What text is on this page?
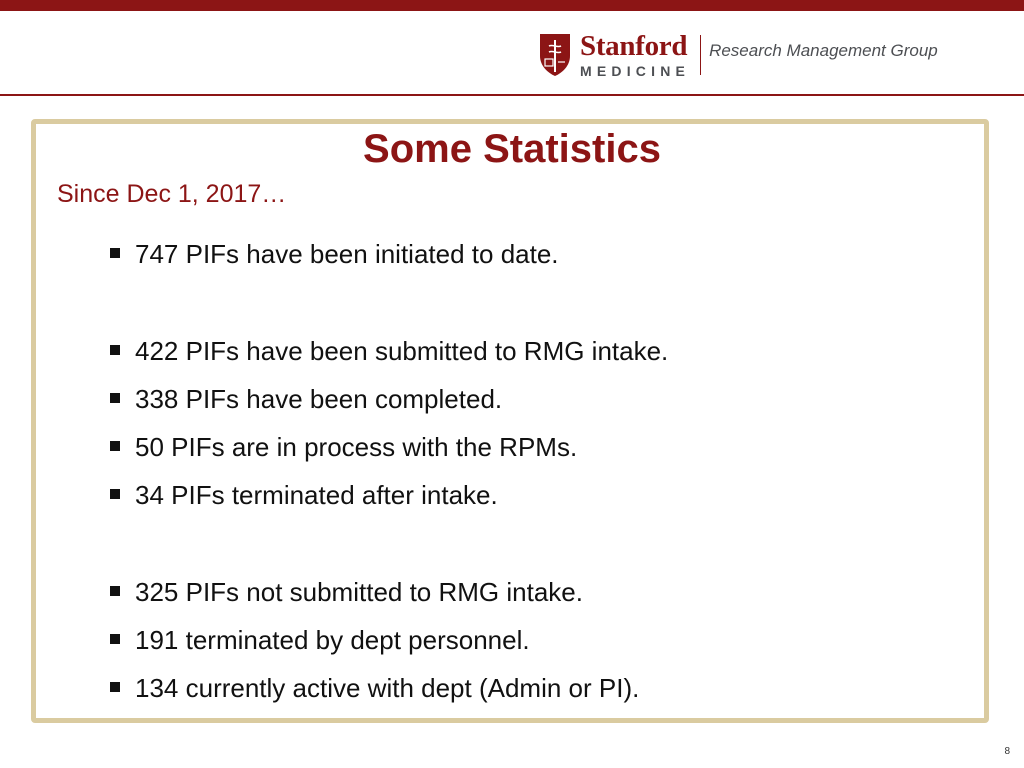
Stanford
MEDICINE
Research Management Group
Some Statistics
Since Dec 1, 2017…
747 PIFs have been initiated to date.
422 PIFs have been submitted to RMG intake.
338 PIFs have been completed.
50 PIFs are in process with the RPMs.
34 PIFs terminated after intake.
325 PIFs not submitted to RMG intake.
191 terminated by dept personnel.
134 currently active with dept (Admin or PI).
8
